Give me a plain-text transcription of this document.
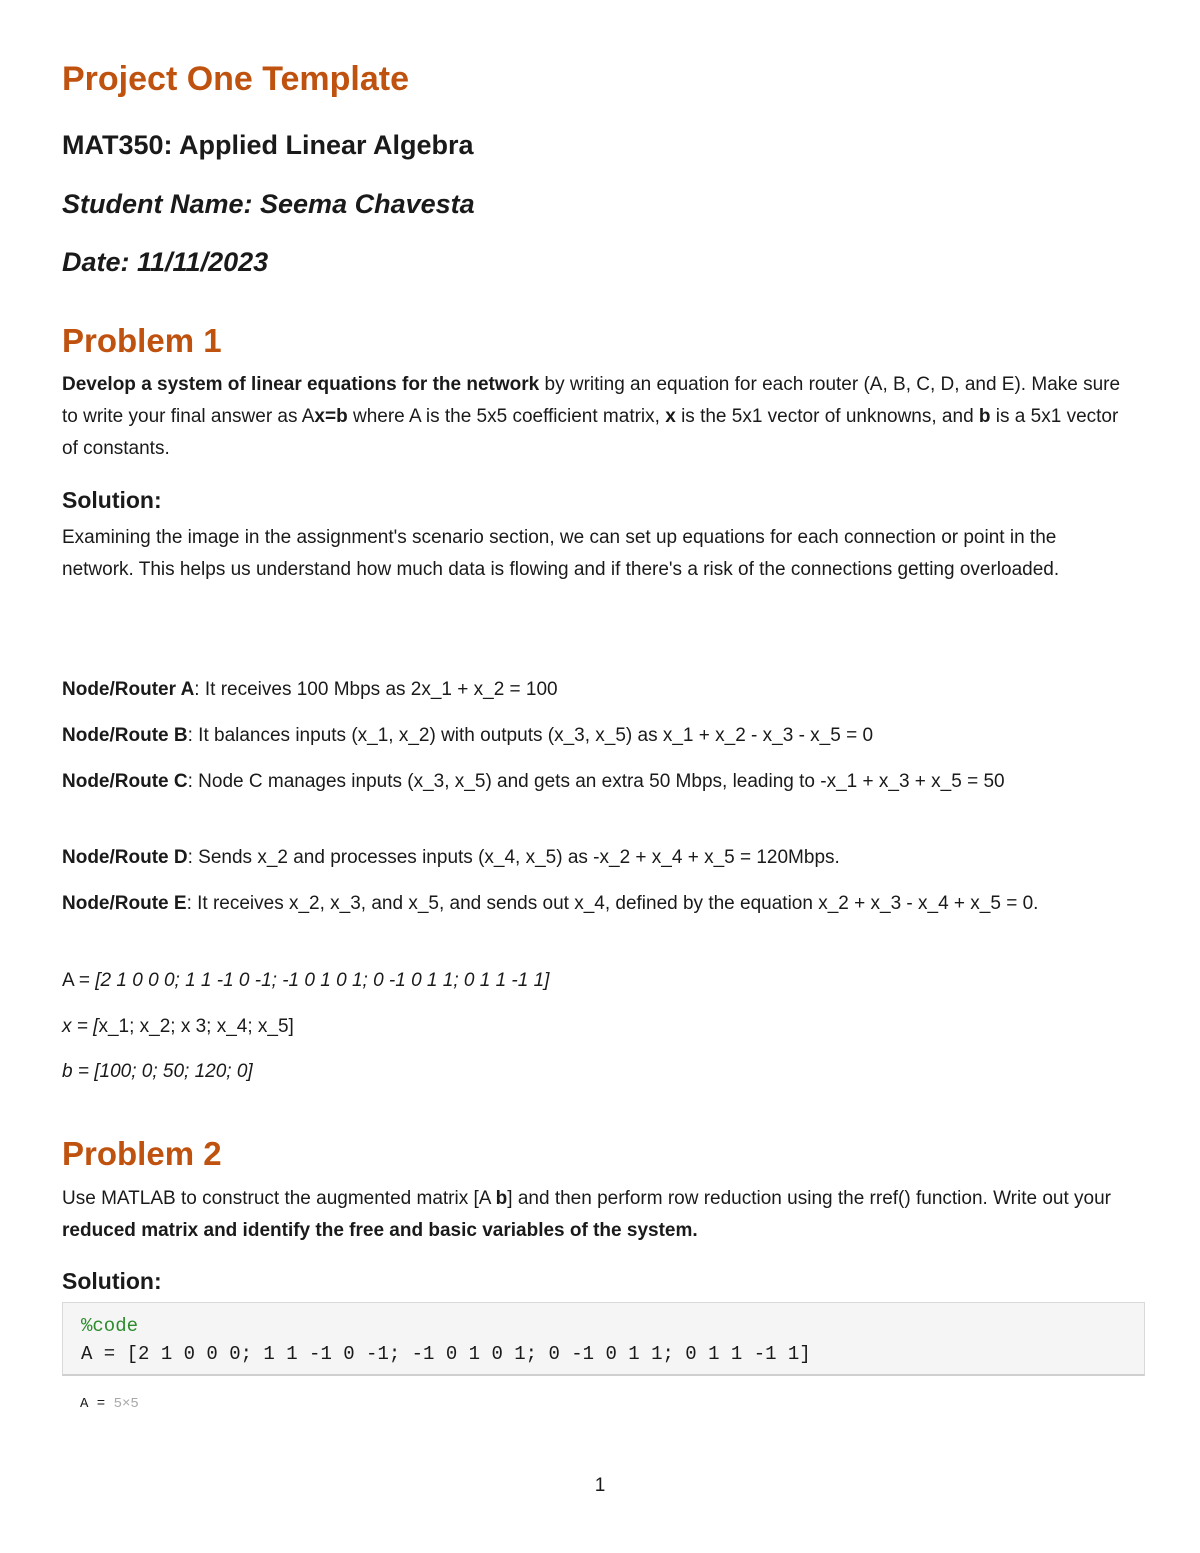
Project One Template
MAT350: Applied Linear Algebra
Student Name: Seema Chavesta
Date: 11/11/2023
Problem 1

Develop a system of linear equations for the network by writing an equation for each router (A, B, C, D, and E). Make sure to write your final answer as Ax=b where A is the 5x5 coefficient matrix, x is the 5x1 vector of unknowns, and b is a 5x1 vector of constants.

Solution:

Examining the image in the assignment's scenario section, we can set up equations for each connection or point in the network. This helps us understand how much data is flowing and if there's a risk of the connections getting overloaded.

Node/Router A: It receives 100 Mbps as 2x_1 + x_2 = 100

Node/Route B: It balances inputs (x_1, x_2) with outputs (x_3, x_5) as x_1 + x_2 - x_3 - x_5 = 0

Node/Route C: Node C manages inputs (x_3, x_5) and gets an extra 50 Mbps, leading to -x_1 + x_3 + x_5 = 50

Node/Route D: Sends x_2 and processes inputs (x_4, x_5) as -x_2 + x_4 + x_5 = 120Mbps.

Node/Route E: It receives x_2, x_3, and x_5, and sends out x_4, defined by the equation x_2 + x_3 - x_4 + x_5 = 0.

A = [2 1 0 0 0; 1 1 -1 0 -1; -1 0 1 0 1; 0 -1 0 1 1; 0 1 1 -1 1]

x = [x_1; x_2; x 3; x_4; x_5]

b = [100; 0; 50; 120; 0]

Problem 2

Use MATLAB to construct the augmented matrix [A b] and then perform row reduction using the rref() function. Write out your reduced matrix and identify the free and basic variables of the system.

Solution:
%code
A = [2 1 0 0 0; 1 1 -1 0 -1; -1 0 1 0 1; 0 -1 0 1 1; 0 1 1 -1 1]
A = 5×5
1
